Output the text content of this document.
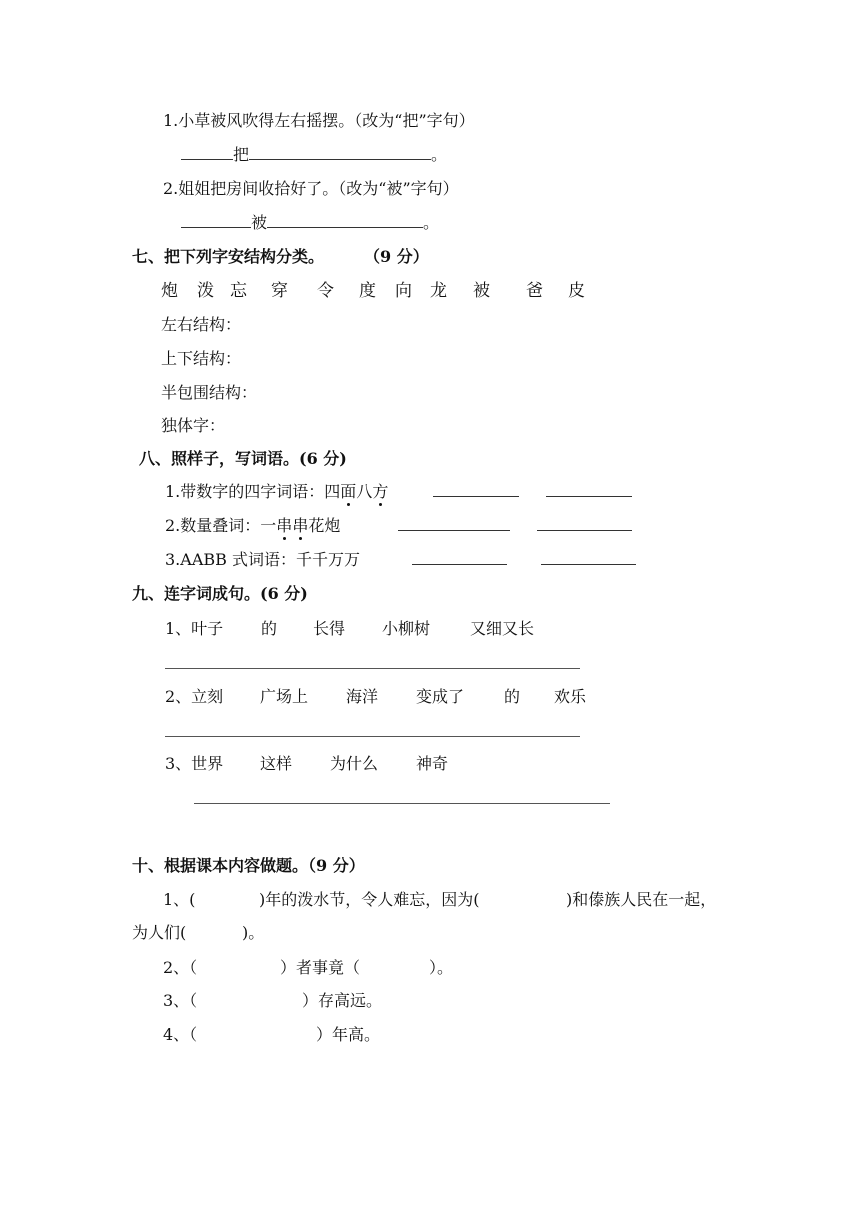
1.小草被风吹得左右摇摆。（改为“把”字句）
把	。
2.姐姐把房间收拾好了。（改为“被”字句）
被	。
七、把下列字安结构分类。	（9 分）
炮 泼 忘 穿 令 度 向 龙 被 爸 皮
左右结构：
上下结构：
半包围结构：
独体字：
八、照样子，写词语。(6 分)
1.带数字的四字词语：四面八方
2.数量叠词：一串串花炮
3.AABB 式词语：千千万万
九、连字词成句。(6 分)
1、叶子 的 长得 小柳树 又细又长
2、立刻 广场上 海洋 变成了 的 欢乐
3、世界 这样 为什么 神奇
十、根据课本内容做题。（9 分）
1、(	)年的泼水节，令人难忘，因为(	)和傣族人民在一起，
为人们(	)。
2、（	）者事竟（	）。
3、（	）存高远。
4、（	）年高。
